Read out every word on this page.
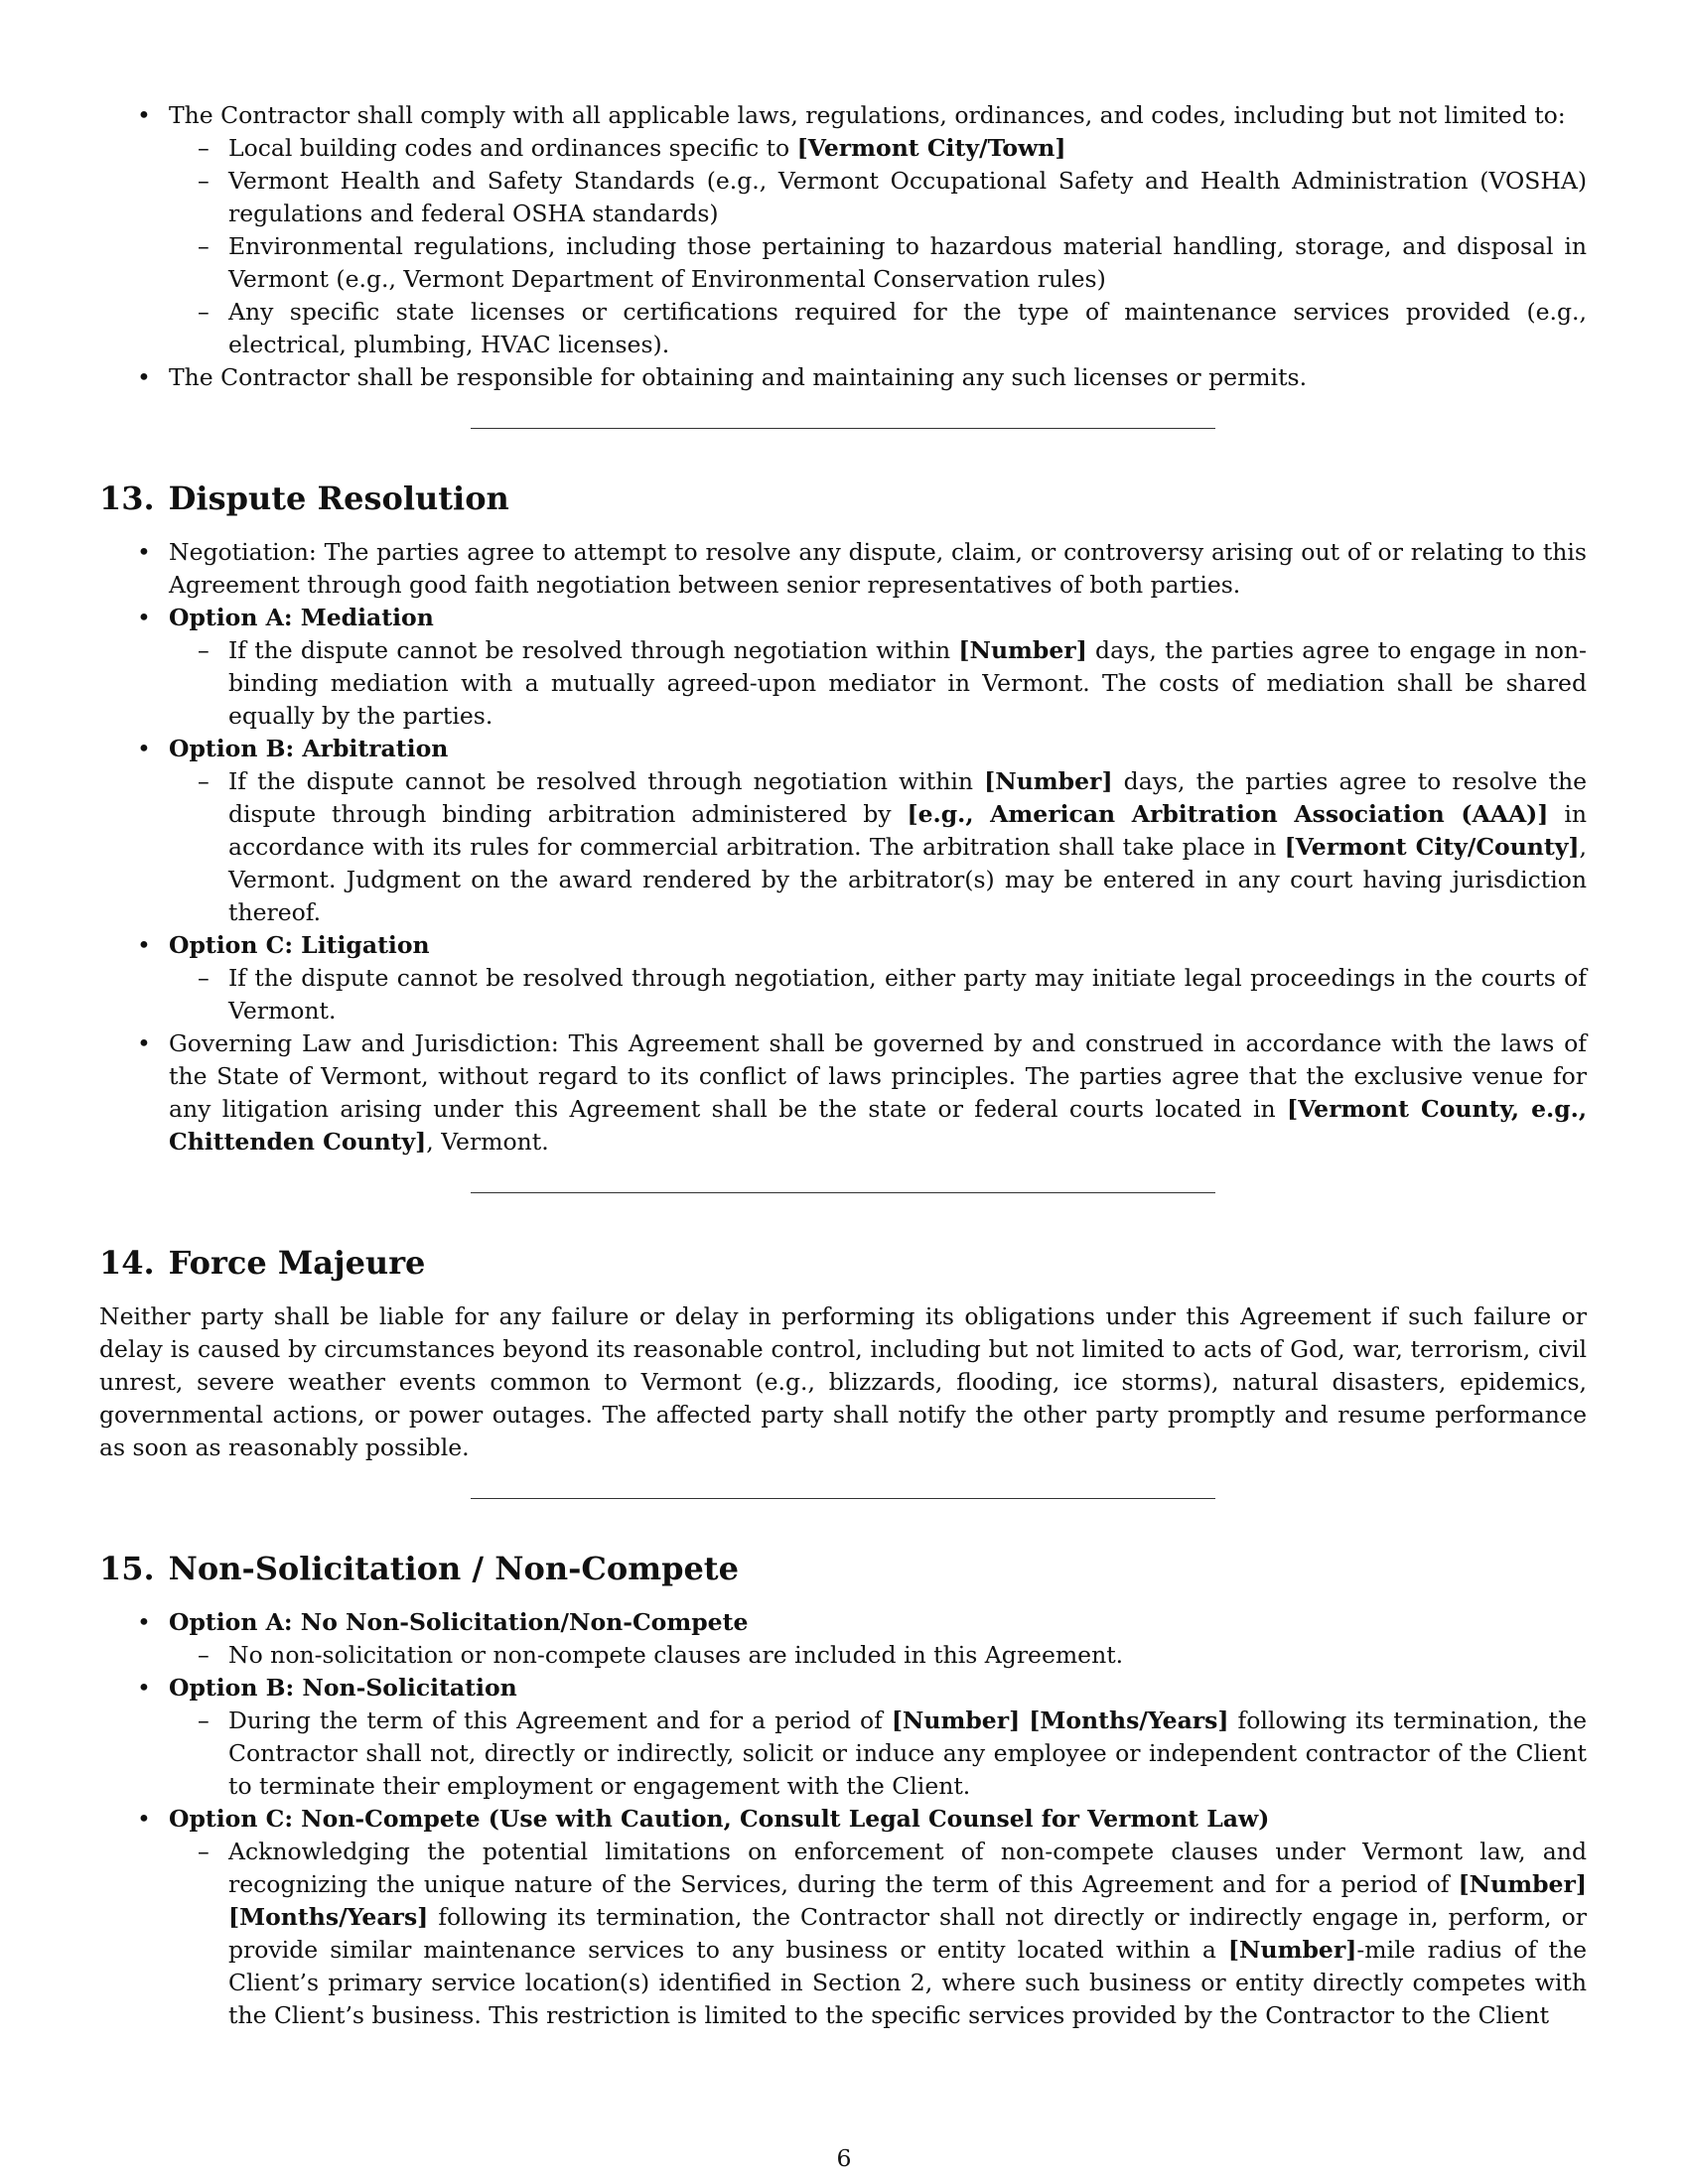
• The Contractor shall comply with all applicable laws, regulations, ordinances, and codes, including but not limited to:
– Local building codes and ordinances specific to [Vermont City/Town]
– Vermont Health and Safety Standards (e.g., Vermont Occupational Safety and Health Administration (VOSHA) regulations and federal OSHA standards)
– Environmental regulations, including those pertaining to hazardous material handling, storage, and disposal in Vermont (e.g., Vermont Department of Environmental Conservation rules)
– Any specific state licenses or certifications required for the type of maintenance services provided (e.g., electrical, plumbing, HVAC licenses).
• The Contractor shall be responsible for obtaining and maintaining any such licenses or permits.
13. Dispute Resolution
• Negotiation: The parties agree to attempt to resolve any dispute, claim, or controversy arising out of or relating to this Agreement through good faith negotiation between senior representatives of both parties.
• Option A: Mediation
– If the dispute cannot be resolved through negotiation within [Number] days, the parties agree to engage in non-binding mediation with a mutually agreed-upon mediator in Vermont. The costs of mediation shall be shared equally by the parties.
• Option B: Arbitration
– If the dispute cannot be resolved through negotiation within [Number] days, the parties agree to resolve the dispute through binding arbitration administered by [e.g., American Arbitration Association (AAA)] in accordance with its rules for commercial arbitration. The arbitration shall take place in [Vermont City/County], Vermont. Judgment on the award rendered by the arbitrator(s) may be entered in any court having jurisdiction thereof.
• Option C: Litigation
– If the dispute cannot be resolved through negotiation, either party may initiate legal proceedings in the courts of Vermont.
• Governing Law and Jurisdiction: This Agreement shall be governed by and construed in accordance with the laws of the State of Vermont, without regard to its conflict of laws principles. The parties agree that the exclusive venue for any litigation arising under this Agreement shall be the state or federal courts located in [Vermont County, e.g., Chittenden County], Vermont.
14. Force Majeure

Neither party shall be liable for any failure or delay in performing its obligations under this Agreement if such failure or delay is caused by circumstances beyond its reasonable control, including but not limited to acts of God, war, terrorism, civil unrest, severe weather events common to Vermont (e.g., blizzards, flooding, ice storms), natural disasters, epidemics, governmental actions, or power outages. The affected party shall notify the other party promptly and resume performance as soon as reasonably possible.

15. Non-Solicitation / Non-Compete
• Option A: No Non-Solicitation/Non-Compete
– No non-solicitation or non-compete clauses are included in this Agreement.
• Option B: Non-Solicitation
– During the term of this Agreement and for a period of [Number] [Months/Years] following its termination, the Contractor shall not, directly or indirectly, solicit or induce any employee or independent contractor of the Client to terminate their employment or engagement with the Client.
• Option C: Non-Compete (Use with Caution, Consult Legal Counsel for Vermont Law)
– Acknowledging the potential limitations on enforcement of non-compete clauses under Vermont law, and recognizing the unique nature of the Services, during the term of this Agreement and for a period of [Number] [Months/Years] following its termination, the Contractor shall not directly or indirectly engage in, perform, or provide similar maintenance services to any business or entity located within a [Number]-mile radius of the Client’s primary service location(s) identified in Section 2, where such business or entity directly competes with the Client’s business. This restriction is limited to the specific services provided by the Contractor to the Client
6
